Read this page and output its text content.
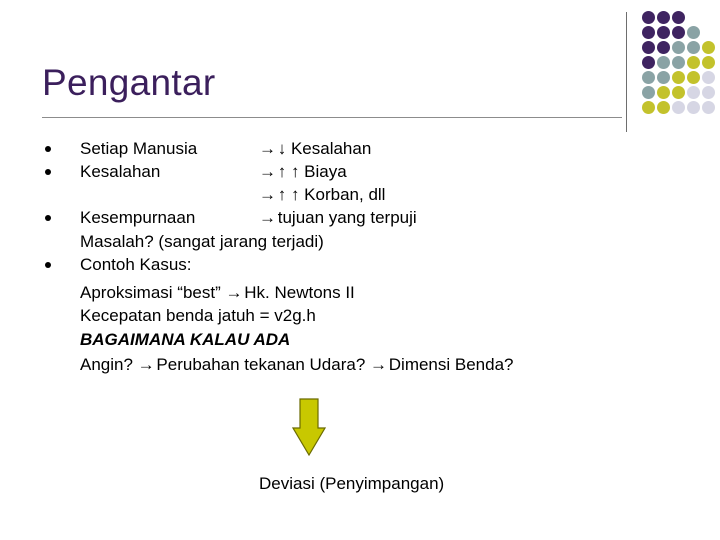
Pengantar
Setiap Manusia	→ ↓ Kesalahan
Kesalahan	→ ↑ ↑ Biaya
→ ↑ ↑ Korban, dll
Kesempurnaan	→ tujuan yang terpuji
Masalah? (sangat jarang terjadi)
Contoh Kasus:
Aproksimasi “best” → Hk. Newtons II
Kecepatan benda jatuh = v2g.h
BAGAIMANA KALAU ADA
Angin? → Perubahan tekanan Udara? → Dimensi Benda?
Deviasi (Penyimpangan)
